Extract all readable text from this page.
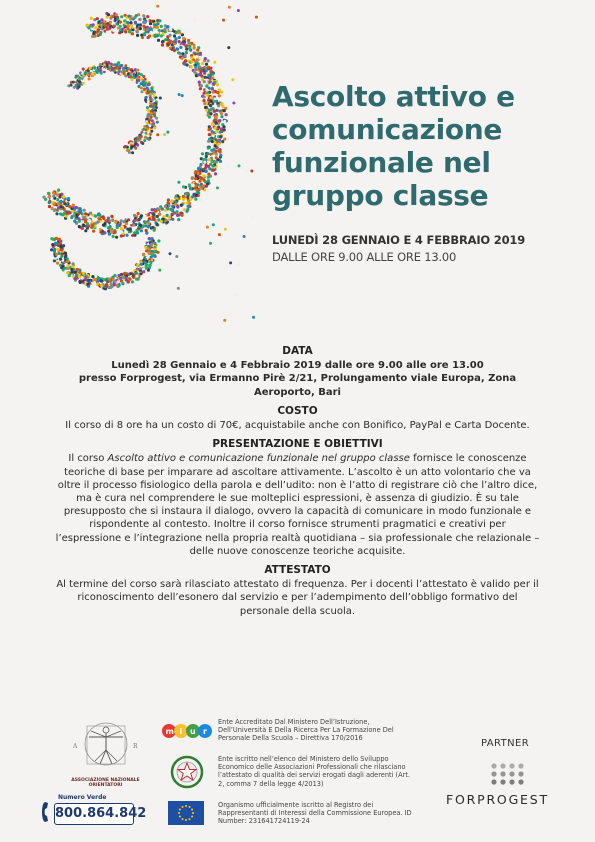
Ascolto attivo e comunicazione funzionale nel gruppo classe
LUNEDÌ 28 GENNAIO E 4 FEBBRAIO 2019
DALLE ORE 9.00 ALLE ORE 13.00
DATA

Lunedì 28 Gennaio e 4 Febbraio 2019 dalle ore 9.00 alle ore 13.00

presso Forprogest, via Ermanno Pirè 2/21, Prolungamento viale Europa, Zona Aeroporto, Bari

COSTO

Il corso di 8 ore ha un costo di 70€, acquistabile anche con Bonifico, PayPal e Carta Docente.

PRESENTAZIONE E OBIETTIVI

Il corso Ascolto attivo e comunicazione funzionale nel gruppo classe fornisce le conoscenze teoriche di base per imparare ad ascoltare attivamente. L’ascolto è un atto volontario che va oltre il processo fisiologico della parola e dell’udito: non è l’atto di registrare ciò che l’altro dice, ma è cura nel comprendere le sue molteplici espressioni, è assenza di giudizio. È su tale presupposto che si instaura il dialogo, ovvero la capacità di comunicare in modo funzionale e rispondente al contesto. Inoltre il corso fornisce strumenti pragmatici e creativi per l’espressione e l’integrazione nella propria realtà quotidiana – sia professionale che relazionale – delle nuove conoscenze teoriche acquisite.

ATTESTATO

Al termine del corso sarà rilasciato attestato di frequenza. Per i docenti l’attestato è valido per il riconoscimento dell’esonero dal servizio e per l’adempimento dell’obbligo formativo del personale della scuola.

A	R
ASSOCIAZIONE NAZIONALE ORIENTATORI
Numero Verde
800.864.842
m i u r
Ente Accreditato Dal Ministero Dell’Istruzione, Dell’Università E Della Ricerca Per La Formazione Del Personale Della Scuola – Direttiva 170/2016
Ente iscritto nell’elenco del Ministero dello Sviluppo Economico delle Associazioni Professionali che rilasciano l’attestato di qualità dei servizi erogati dagli aderenti (Art. 2, comma 7 della legge 4/2013)
Organismo ufficialmente iscritto al Registro dei Rappresentanti di Interessi della Commissione Europea. ID Number: 231641724119-24
PARTNER
FORPROGEST
